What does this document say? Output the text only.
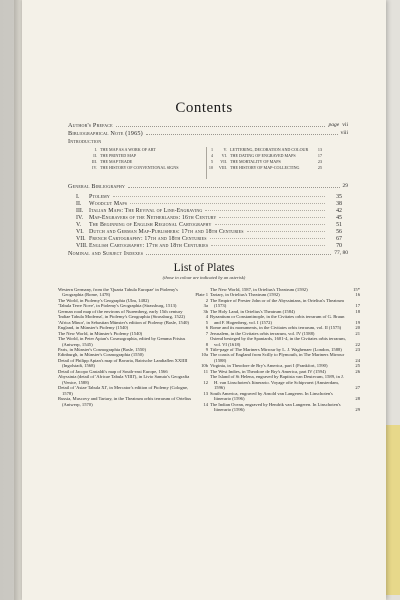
Contents
Author's Preface	page vii
Bibliographical Note (1965)	viii
Introduction
I. THE MAP AS A WORK OF ART	1	V. LETTERING, DECORATION AND COLOUR	13
II. THE PRINTED MAP	4	VI. THE DATING OF ENGRAVED MAPS	17
III. THE MAP TRADE	5	VII. THE MORTALITY OF MAPS	23
IV. THE HISTORY OF CONVENTIONAL SIGNS	10	VIII. THE HISTORY OF MAP-COLLECTING	25
General Bibliography	29
I.	Ptolemy	35
II.	Woodcut Maps	38
III. Italian Maps: The Revival of Line-Engraving	42
IV.	Map-Engravers of the Netherlands: 16th Century	45
V.	The Beginning of English Regional Cartography	51
VI. Dutch and German Map-Publishers: 17th and 18th Centuries	56
VII. French Cartography: 17th and 18th Centuries	67
VIII. English Cartography: 17th and 18th Centuries	70
Nominal and Subject Indexes	77, 80
List of Plates
(those in colour are indicated by an asterisk)
Western Germany, from the 'Quarta Tabula Europae' in Ptolemy's Geographia (Rome, 1478)	Plate 1
The World, in Ptolemy's Geographia (Ulm, 1482)	2
'Tabula Terre Nove', in Ptolemy's Geographia (Strassburg, 1513)	3a
German road map of the environs of Nuremberg, early 15th century	3b
'Indiae Tabula Moderna', in Ptolemy's Geographia (Strassburg, 1522)	4
'Africa Minor', in Sebastian Münster's edition of Ptolemy (Basle, 1540)	5
England, in Münster's Ptolemy (1540)	6
The New World, in Münster's Ptolemy (1540)	7
The World, in Peter Apian's Cosmographia, edited by Gemma Frisius (Antwerp, 1545)	8
Paris, in Münster's Cosmographia (Basle, 1550)	9
Edinburgh, in Münster's Cosmographia (1550)	10a
Detail of Philipp Apian's map of Bavaria, Bairische Landtaflen XXIIII (Ingolstadt, 1568)	10b
Detail of Jacopo Gastaldi's map of South-east Europe, 1566	11
Abyssinia (detail of 'Africae Tabula VIIII'), in Livio Sanuto's Geografia (Venice, 1588)	12
Detail of 'Asiae Tabula XI', in Mercator's edition of Ptolemy (Cologne, 1578)	13
Russia, Muscovy and Tartary, in the Theatrum orbis terrarum of Ortelius (Antwerp, 1570)	14
The New World, 1587, in Ortelius's Theatrum (1592)	15*
Tartary, in Ortelius's Theatrum (1592)	16
The Empire of Prester John or of the Abyssinians, in Ortelius's Theatrum (1573)	17
The Holy Land, in Ortelius's Theatrum (1584)	18
Byzantium or Constantinople, in the Civitates orbis terrarum of G. Braun and F. Hogenberg, vol. I (1572)	19
Rome and its monuments, in the Civitates orbis terrarum, vol. II (1575)	20
Jerusalem, in the Civitates orbis terrarum, vol. IV (1588)	21
Ostend besieged by the Spaniards, 1601-4, in the Civitates orbis terrarum, vol. VI (1618)	22
Title-page of The Mariners Mirrour by L. J. Waghenaer (London, 1588)	23
The coasts of England from Scilly to Plymouth, in The Mariners Mirrour (1588)	24
Virginia, in Theodore de Bry's America, part I (Frankfort, 1590)	25
The West Indies, in Theodore de Bry's America, part IV (1594)	26
The Island of St Helena, engraved by Baptista van Deutecum, 1589, in J. H. van Linschoten's Itinerario. Voyage ofte Schipvaert (Amsterdam, 1596)	27
South America, engraved by Arnold van Langeren. In Linschoten's Itinerario (1596)	28
The Indian Ocean, engraved by Hendrik van Langeren. In Linschoten's Itinerario (1596)	29
